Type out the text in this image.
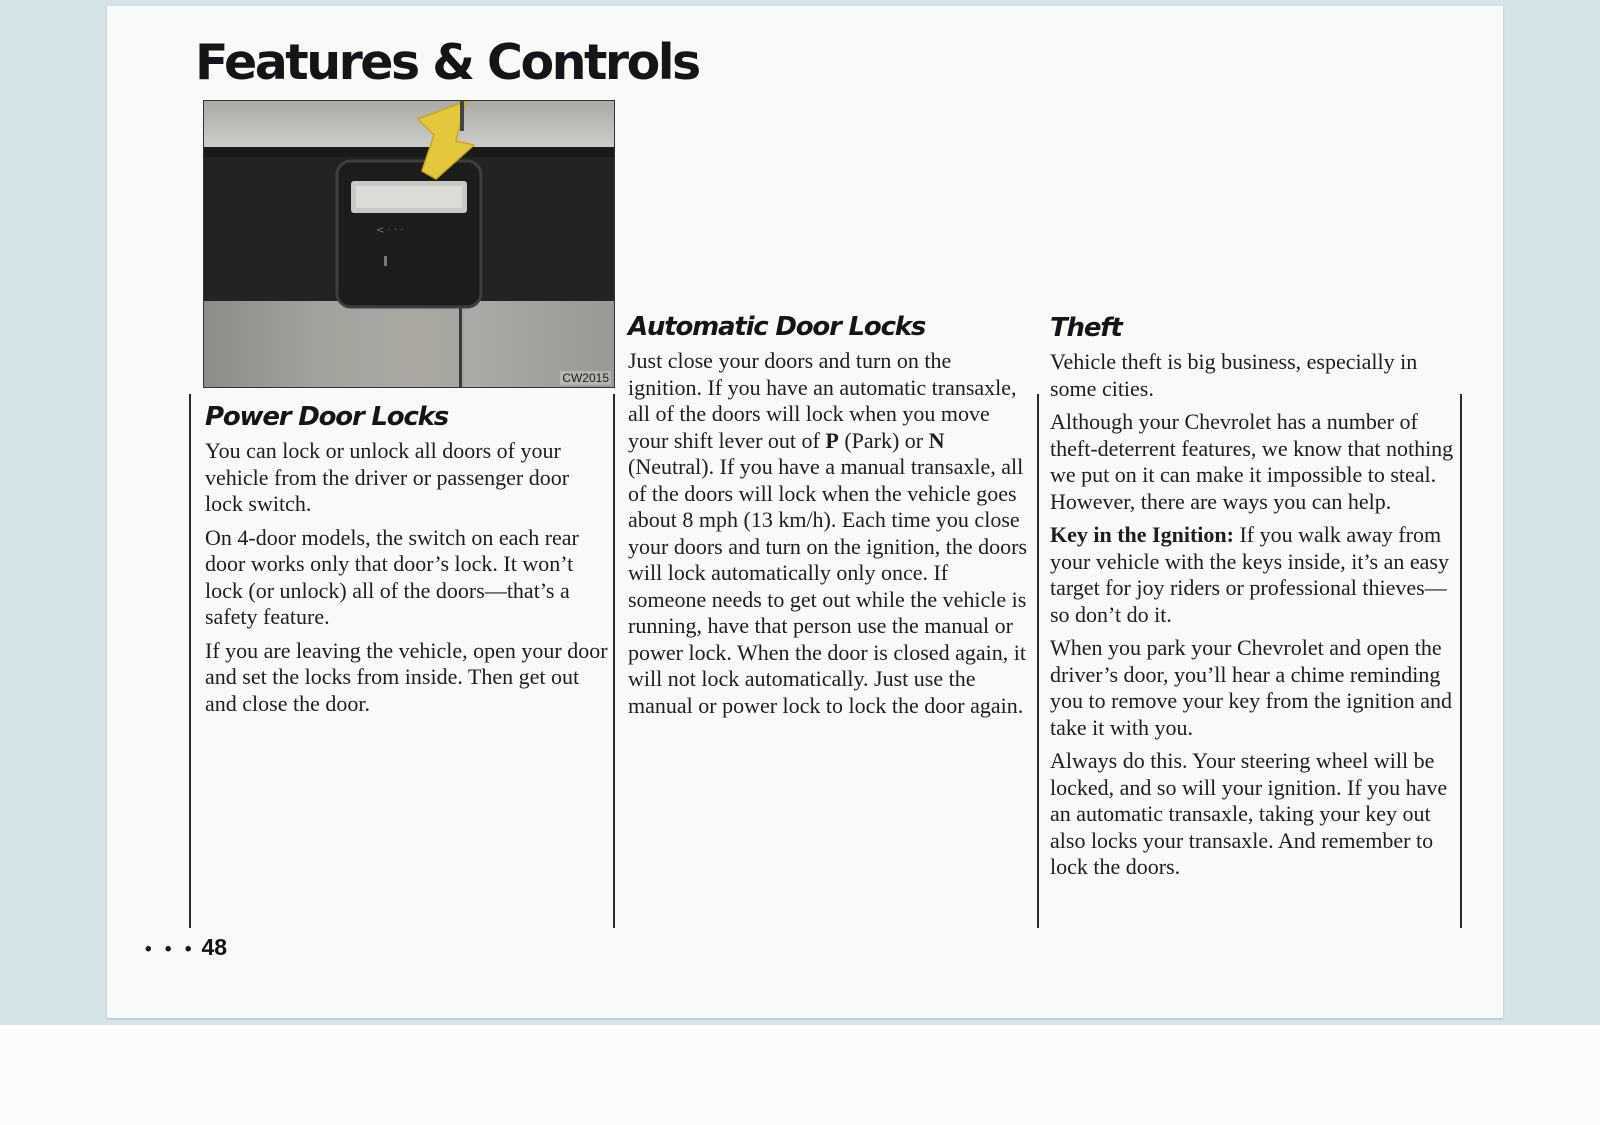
Features & Controls
< · · ·
CW2015
Power Door Locks

You can lock or unlock all doors of your vehicle from the driver or passenger door lock switch.

On 4-door models, the switch on each rear door works only that door’s lock. It won’t lock (or unlock) all of the doors—that’s a safety feature.

If you are leaving the vehicle, open your door and set the locks from inside. Then get out and close the door.

Automatic Door Locks

Just close your doors and turn on the ignition. If you have an automatic transaxle, all of the doors will lock when you move your shift lever out of P (Park) or N (Neutral). If you have a manual transaxle, all of the doors will lock when the vehicle goes about 8 mph (13 km/h). Each time you close your doors and turn on the ignition, the doors will lock automatically only once. If someone needs to get out while the vehicle is running, have that person use the manual or power lock. When the door is closed again, it will not lock automatically. Just use the manual or power lock to lock the door again.

Theft

Vehicle theft is big business, especially in some cities.

Although your Chevrolet has a number of theft-deterrent features, we know that nothing we put on it can make it impossible to steal. However, there are ways you can help.

Key in the Ignition: If you walk away from your vehicle with the keys inside, it’s an easy target for joy riders or professional thieves—so don’t do it.

When you park your Chevrolet and open the driver’s door, you’ll hear a chime reminding you to remove your key from the ignition and take it with you.

Always do this. Your steering wheel will be locked, and so will your ignition. If you have an automatic transaxle, taking your key out also locks your transaxle. And remember to lock the doors.

• • • 48
